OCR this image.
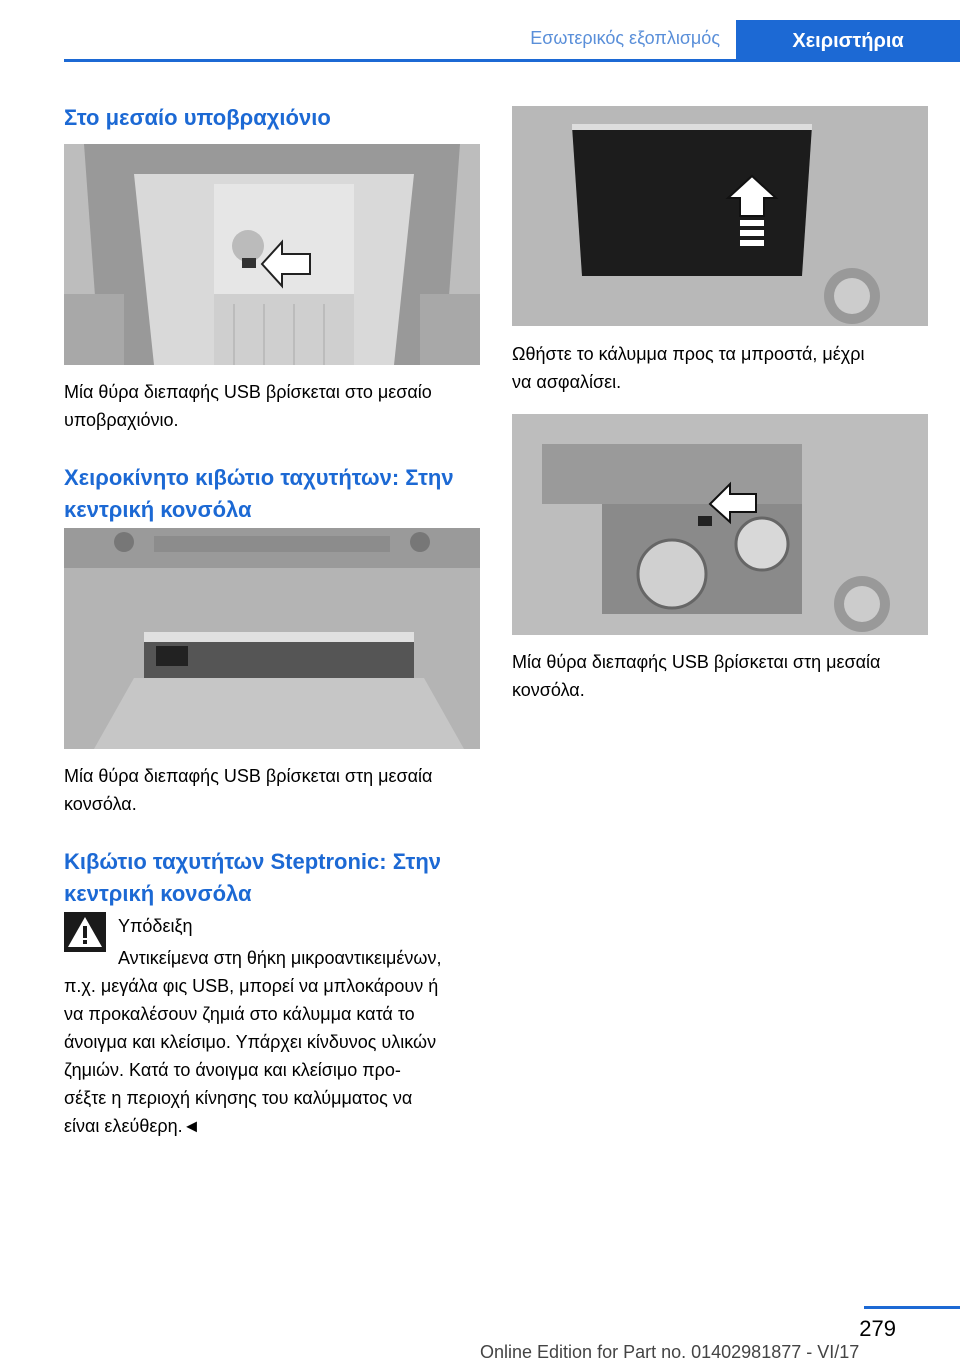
Εσωτερικός εξοπλισμός	Χειριστήρια
Στο μεσαίο υποβραχιόνιο
Μία θύρα διεπαφής USB βρίσκεται στο μεσαίο
υποβραχιόνιο.
Χειροκίνητο κιβώτιο ταχυτήτων: Στην
κεντρική κονσόλα
Μία θύρα διεπαφής USB βρίσκεται στη μεσαία
κονσόλα.
Κιβώτιο ταχυτήτων Steptronic: Στην
κεντρική κονσόλα
Υπόδειξη
Αντικείμενα στη θήκη μικροαντικειμένων,
π.χ. μεγάλα φις USB, μπορεί να μπλοκάρουν ή
να προκαλέσουν ζημιά στο κάλυμμα κατά το
άνοιγμα και κλείσιμο. Υπάρχει κίνδυνος υλικών
ζημιών. Κατά το άνοιγμα και κλείσιμο προ-
σέξτε η περιοχή κίνησης του καλύμματος να
είναι ελεύθερη.◄
Ωθήστε το κάλυμμα προς τα μπροστά, μέχρι
να ασφαλίσει.
Μία θύρα διεπαφής USB βρίσκεται στη μεσαία
κονσόλα.
279
Online Edition for Part no. 01402981877 - VI/17
